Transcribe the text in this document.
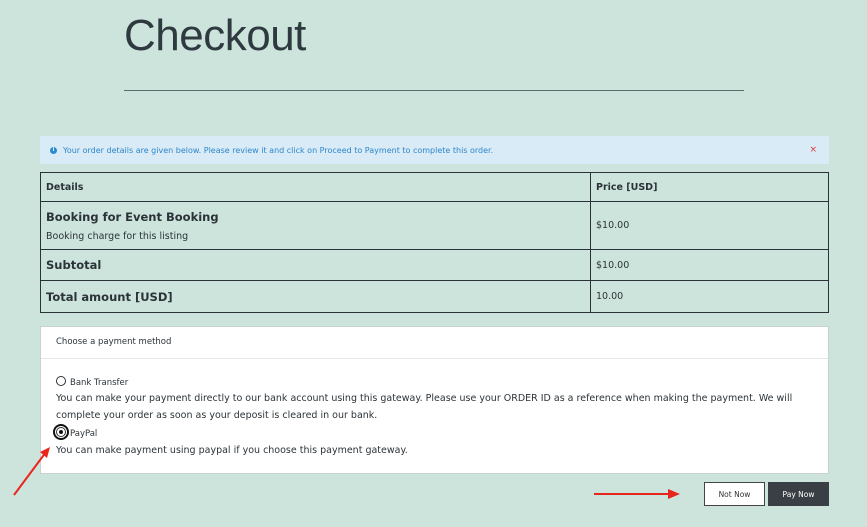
Checkout
i	Your order details are given below. Please review it and click on Proceed to Payment to complete this order.	×
Details	Price [USD]

Booking for Event Booking
Booking charge for this listing	$10.00
Subtotal	$10.00
Total amount [USD]	10.00
Choose a payment method
Bank Transfer
You can make your payment directly to our bank account using this gateway. Please use your ORDER ID as a reference when making the payment. We will complete your order as soon as your deposit is cleared in our bank.
PayPal
You can make payment using paypal if you choose this payment gateway.
Not Now	Pay Now
